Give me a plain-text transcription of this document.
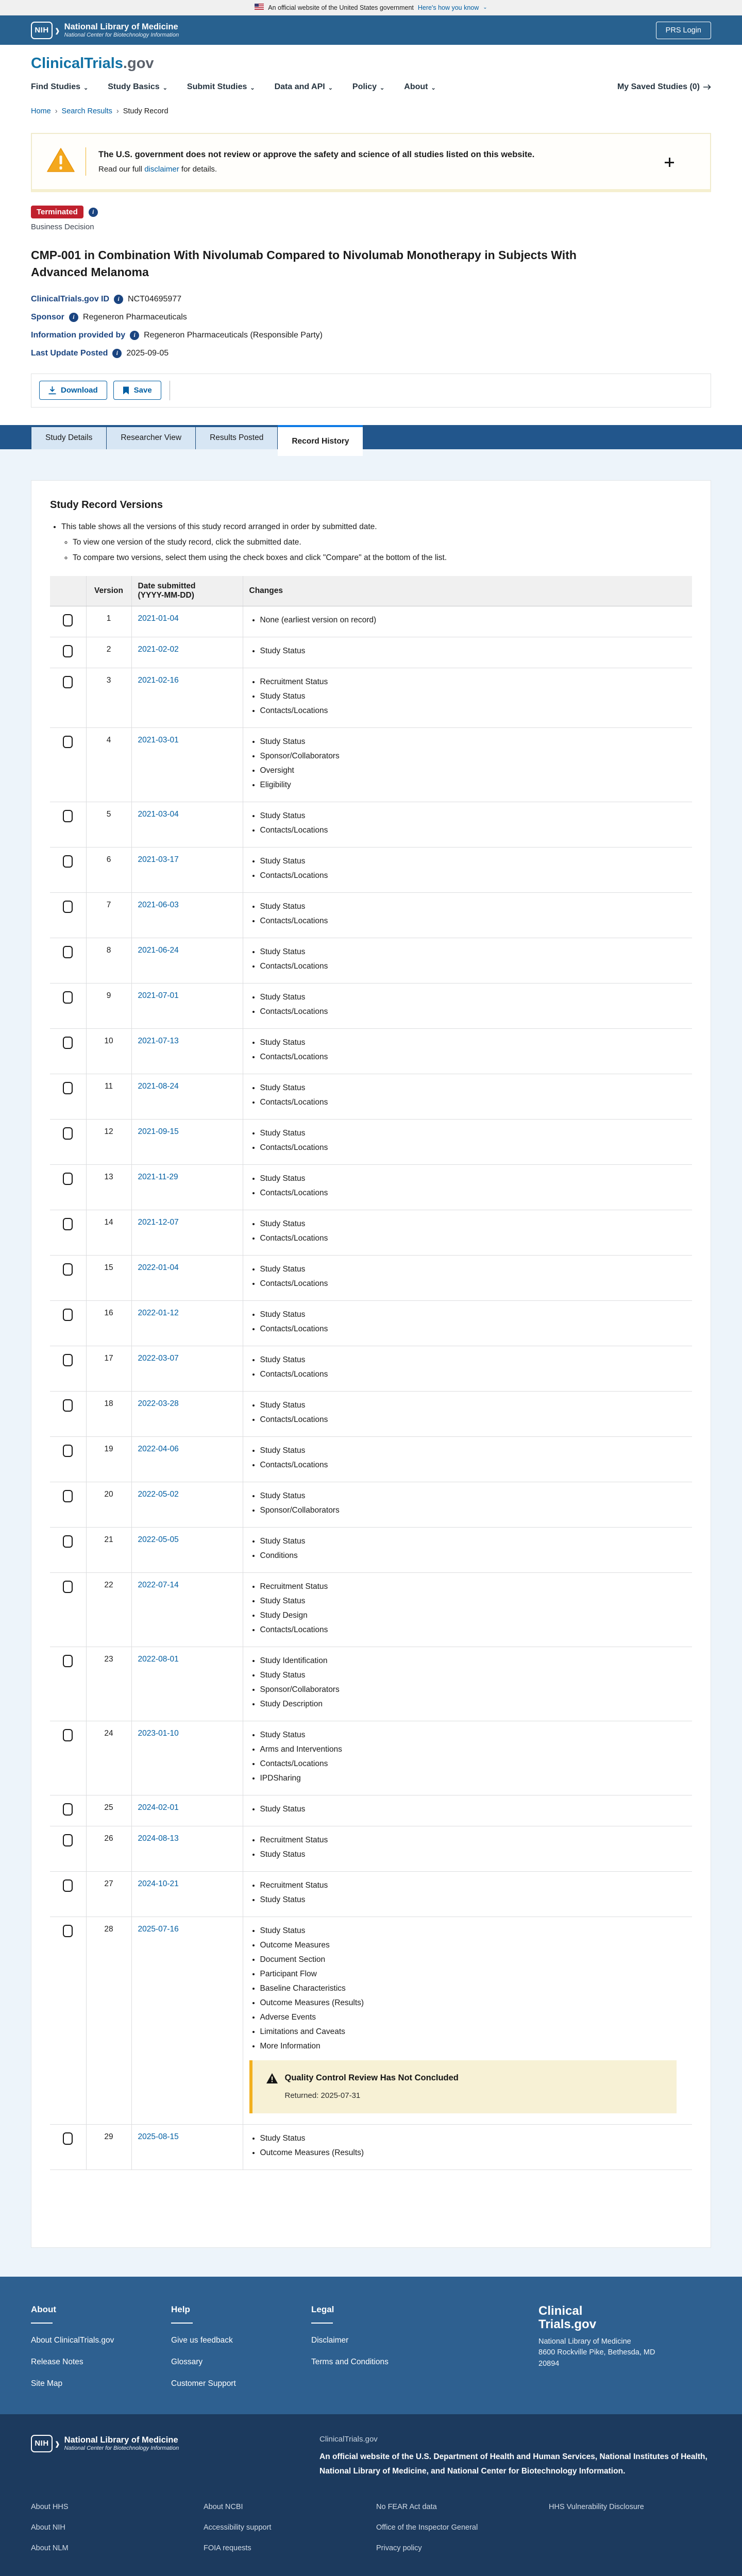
An official website of the United States government Here's how you know ⌄
NIH › National Library of Medicine
National Center for Biotechnology Information
PRS Login
ClinicalTrials.gov
Find Studies ⌄ Study Basics ⌄ Submit Studies ⌄ Data and API ⌄ Policy ⌄ About ⌄	My Saved Studies (0)
Home › Search Results › Study Record
The U.S. government does not review or approve the safety and science of all studies listed on this website.
Read our full disclaimer for details.
Terminated
i
Business Decision
CMP-001 in Combination With Nivolumab Compared to Nivolumab Monotherapy in Subjects With Advanced Melanoma
ClinicalTrials.gov ID i NCT04695977
Sponsor i Regeneron Pharmaceuticals
Information provided by i Regeneron Pharmaceuticals (Responsible Party)
Last Update Posted i 2025-09-05
Download	Save
Study Details	Researcher View	Results Posted	Record History
Study Record Versions
• This table shows all the versions of this study record arranged in order by submitted date.
◦ To view one version of the study record, click the submitted date.
◦ To compare two versions, select them using the check boxes and click "Compare" at the bottom of the list.
	Version	Date submitted
(YYYY-MM-DD)	Changes
	1	2021-01-04	
•None (earliest version on record)

	2	2021-02-02	
•Study Status

	3	2021-02-16	
•Recruitment Status
• Study Status
• Contacts/Locations

	4	2021-03-01	
•Study Status
• Sponsor/Collaborators
• Oversight
• Eligibility

	5	2021-03-04	
•Study Status
• Contacts/Locations

	6	2021-03-17	
•Study Status
• Contacts/Locations

	7	2021-06-03	
•Study Status
• Contacts/Locations

	8	2021-06-24	
•Study Status
• Contacts/Locations

	9	2021-07-01	
•Study Status
• Contacts/Locations

	10	2021-07-13	
•Study Status
• Contacts/Locations

	11	2021-08-24	
•Study Status
• Contacts/Locations

	12	2021-09-15	
•Study Status
• Contacts/Locations

	13	2021-11-29	
•Study Status
• Contacts/Locations

	14	2021-12-07	
•Study Status
• Contacts/Locations

	15	2022-01-04	
•Study Status
• Contacts/Locations

	16	2022-01-12	
•Study Status
• Contacts/Locations

	17	2022-03-07	
•Study Status
• Contacts/Locations

	18	2022-03-28	
•Study Status
• Contacts/Locations

	19	2022-04-06	
•Study Status
• Contacts/Locations

	20	2022-05-02	
•Study Status
• Sponsor/Collaborators

	21	2022-05-05	
•Study Status
• Conditions

	22	2022-07-14	
•Recruitment Status
• Study Status
• Study Design
• Contacts/Locations

	23	2022-08-01	
•Study Identification
• Study Status
• Sponsor/Collaborators
• Study Description

	24	2023-01-10	
•Study Status
• Arms and Interventions
• Contacts/Locations
• IPDSharing

	25	2024-02-01	
•Study Status

	26	2024-08-13	
•Recruitment Status
• Study Status

	27	2024-10-21	
•Recruitment Status
• Study Status

	28	2025-07-16	
•Study Status
• Outcome Measures
• Document Section
• Participant Flow
• Baseline Characteristics
• Outcome Measures (Results)
• Adverse Events
• Limitations and Caveats
• More Information
Quality Control Review Has Not Concluded
Returned: 2025-07-31

	29	2025-08-15	
•Study Status
• Outcome Measures (Results)
About
About ClinicalTrials.gov
Release Notes
Site Map
Help
Give us feedback
Glossary
Customer Support
Legal
Disclaimer
Terms and Conditions
Clinical
Trials.gov
National Library of Medicine
8600 Rockville Pike, Bethesda, MD
20894
NIH › National Library of Medicine
National Center for Biotechnology Information
ClinicalTrials.gov
An official website of the U.S. Department of Health and Human Services, National Institutes of Health, National Library of Medicine, and National Center for Biotechnology Information.
About HHS
About NIH
About NLM
About NCBI
Accessibility support
FOIA requests
No FEAR Act data
Office of the Inspector General
Privacy policy
HHS Vulnerability Disclosure
